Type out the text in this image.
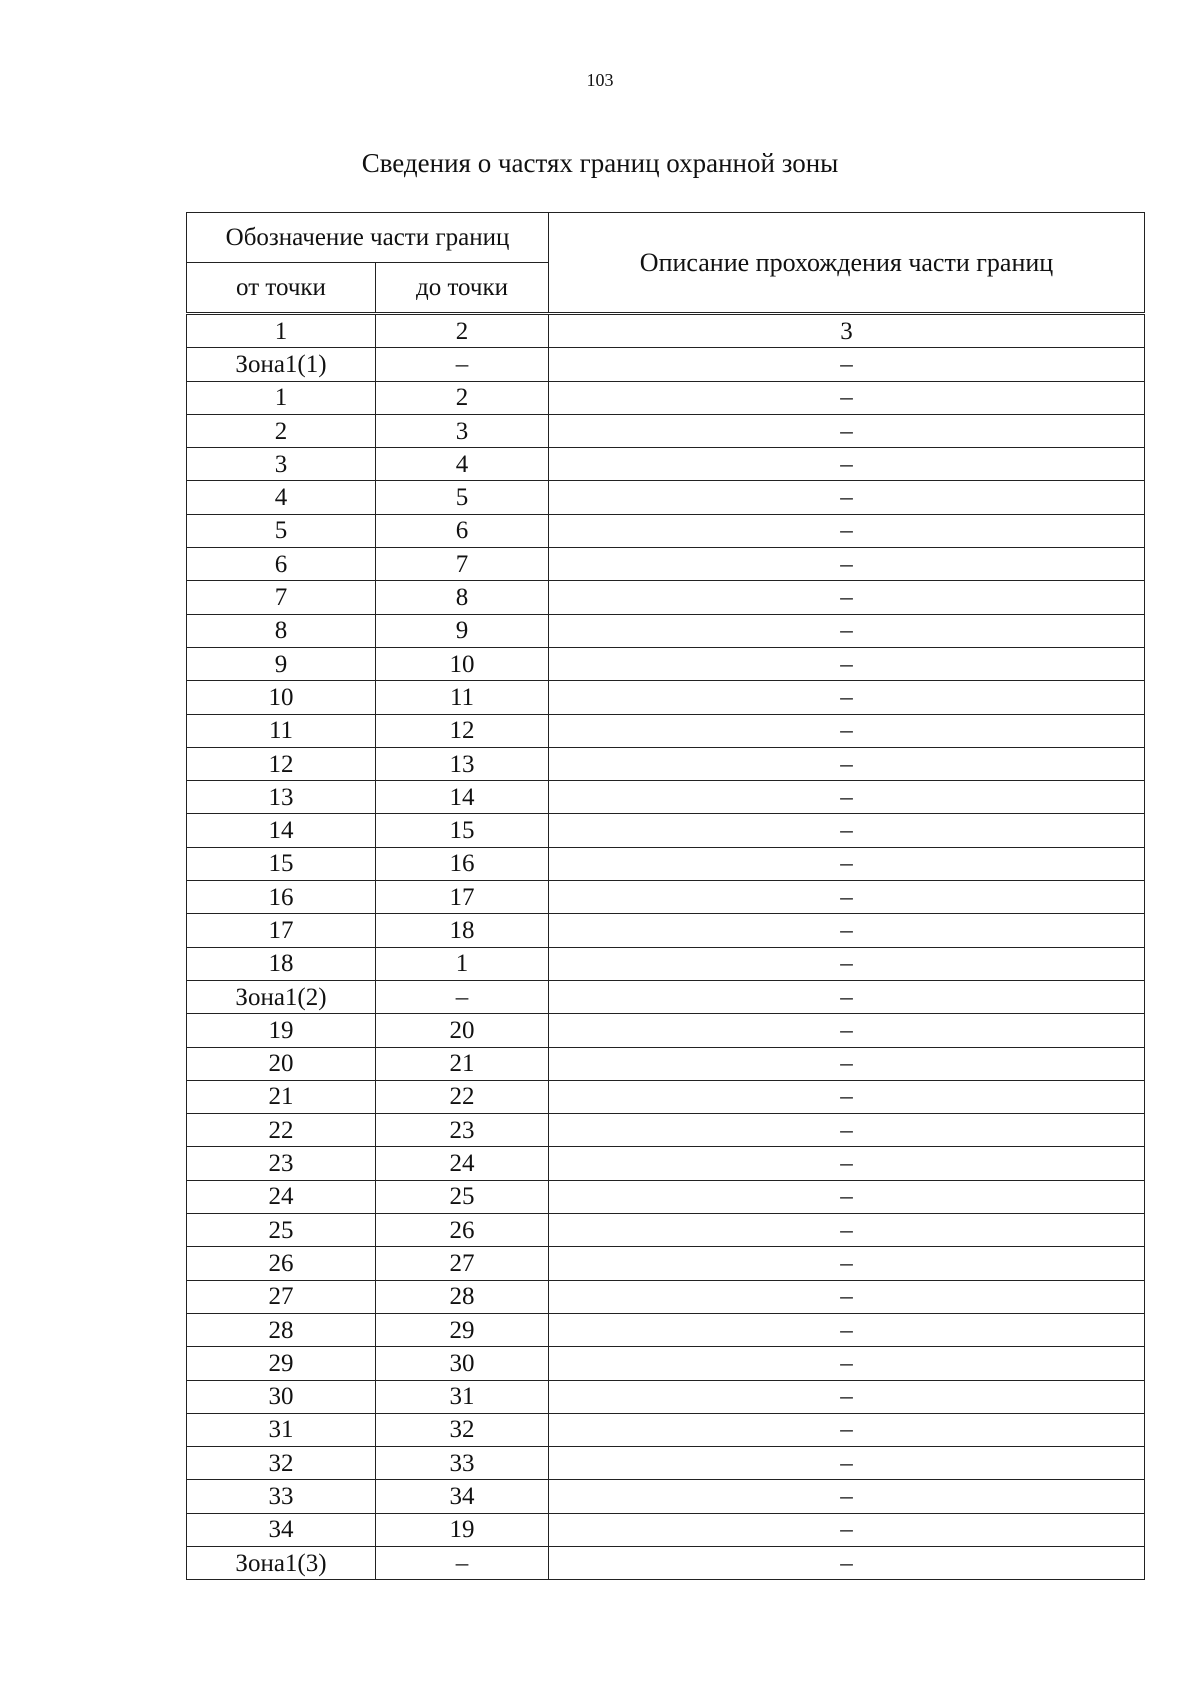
103
Сведения о частях границ охранной зоны
Обозначение части границ		Описание прохождения части границ
от точки	до точки	
1	2	3
Зона1(1)	–	–
1	2	–
2	3	–
3	4	–
4	5	–
5	6	–
6	7	–
7	8	–
8	9	–
9	10	–
10	11	–
11	12	–
12	13	–
13	14	–
14	15	–
15	16	–
16	17	–
17	18	–
18	1	–
Зона1(2)	–	–
19	20	–
20	21	–
21	22	–
22	23	–
23	24	–
24	25	–
25	26	–
26	27	–
27	28	–
28	29	–
29	30	–
30	31	–
31	32	–
32	33	–
33	34	–
34	19	–
Зона1(3)	–	–
